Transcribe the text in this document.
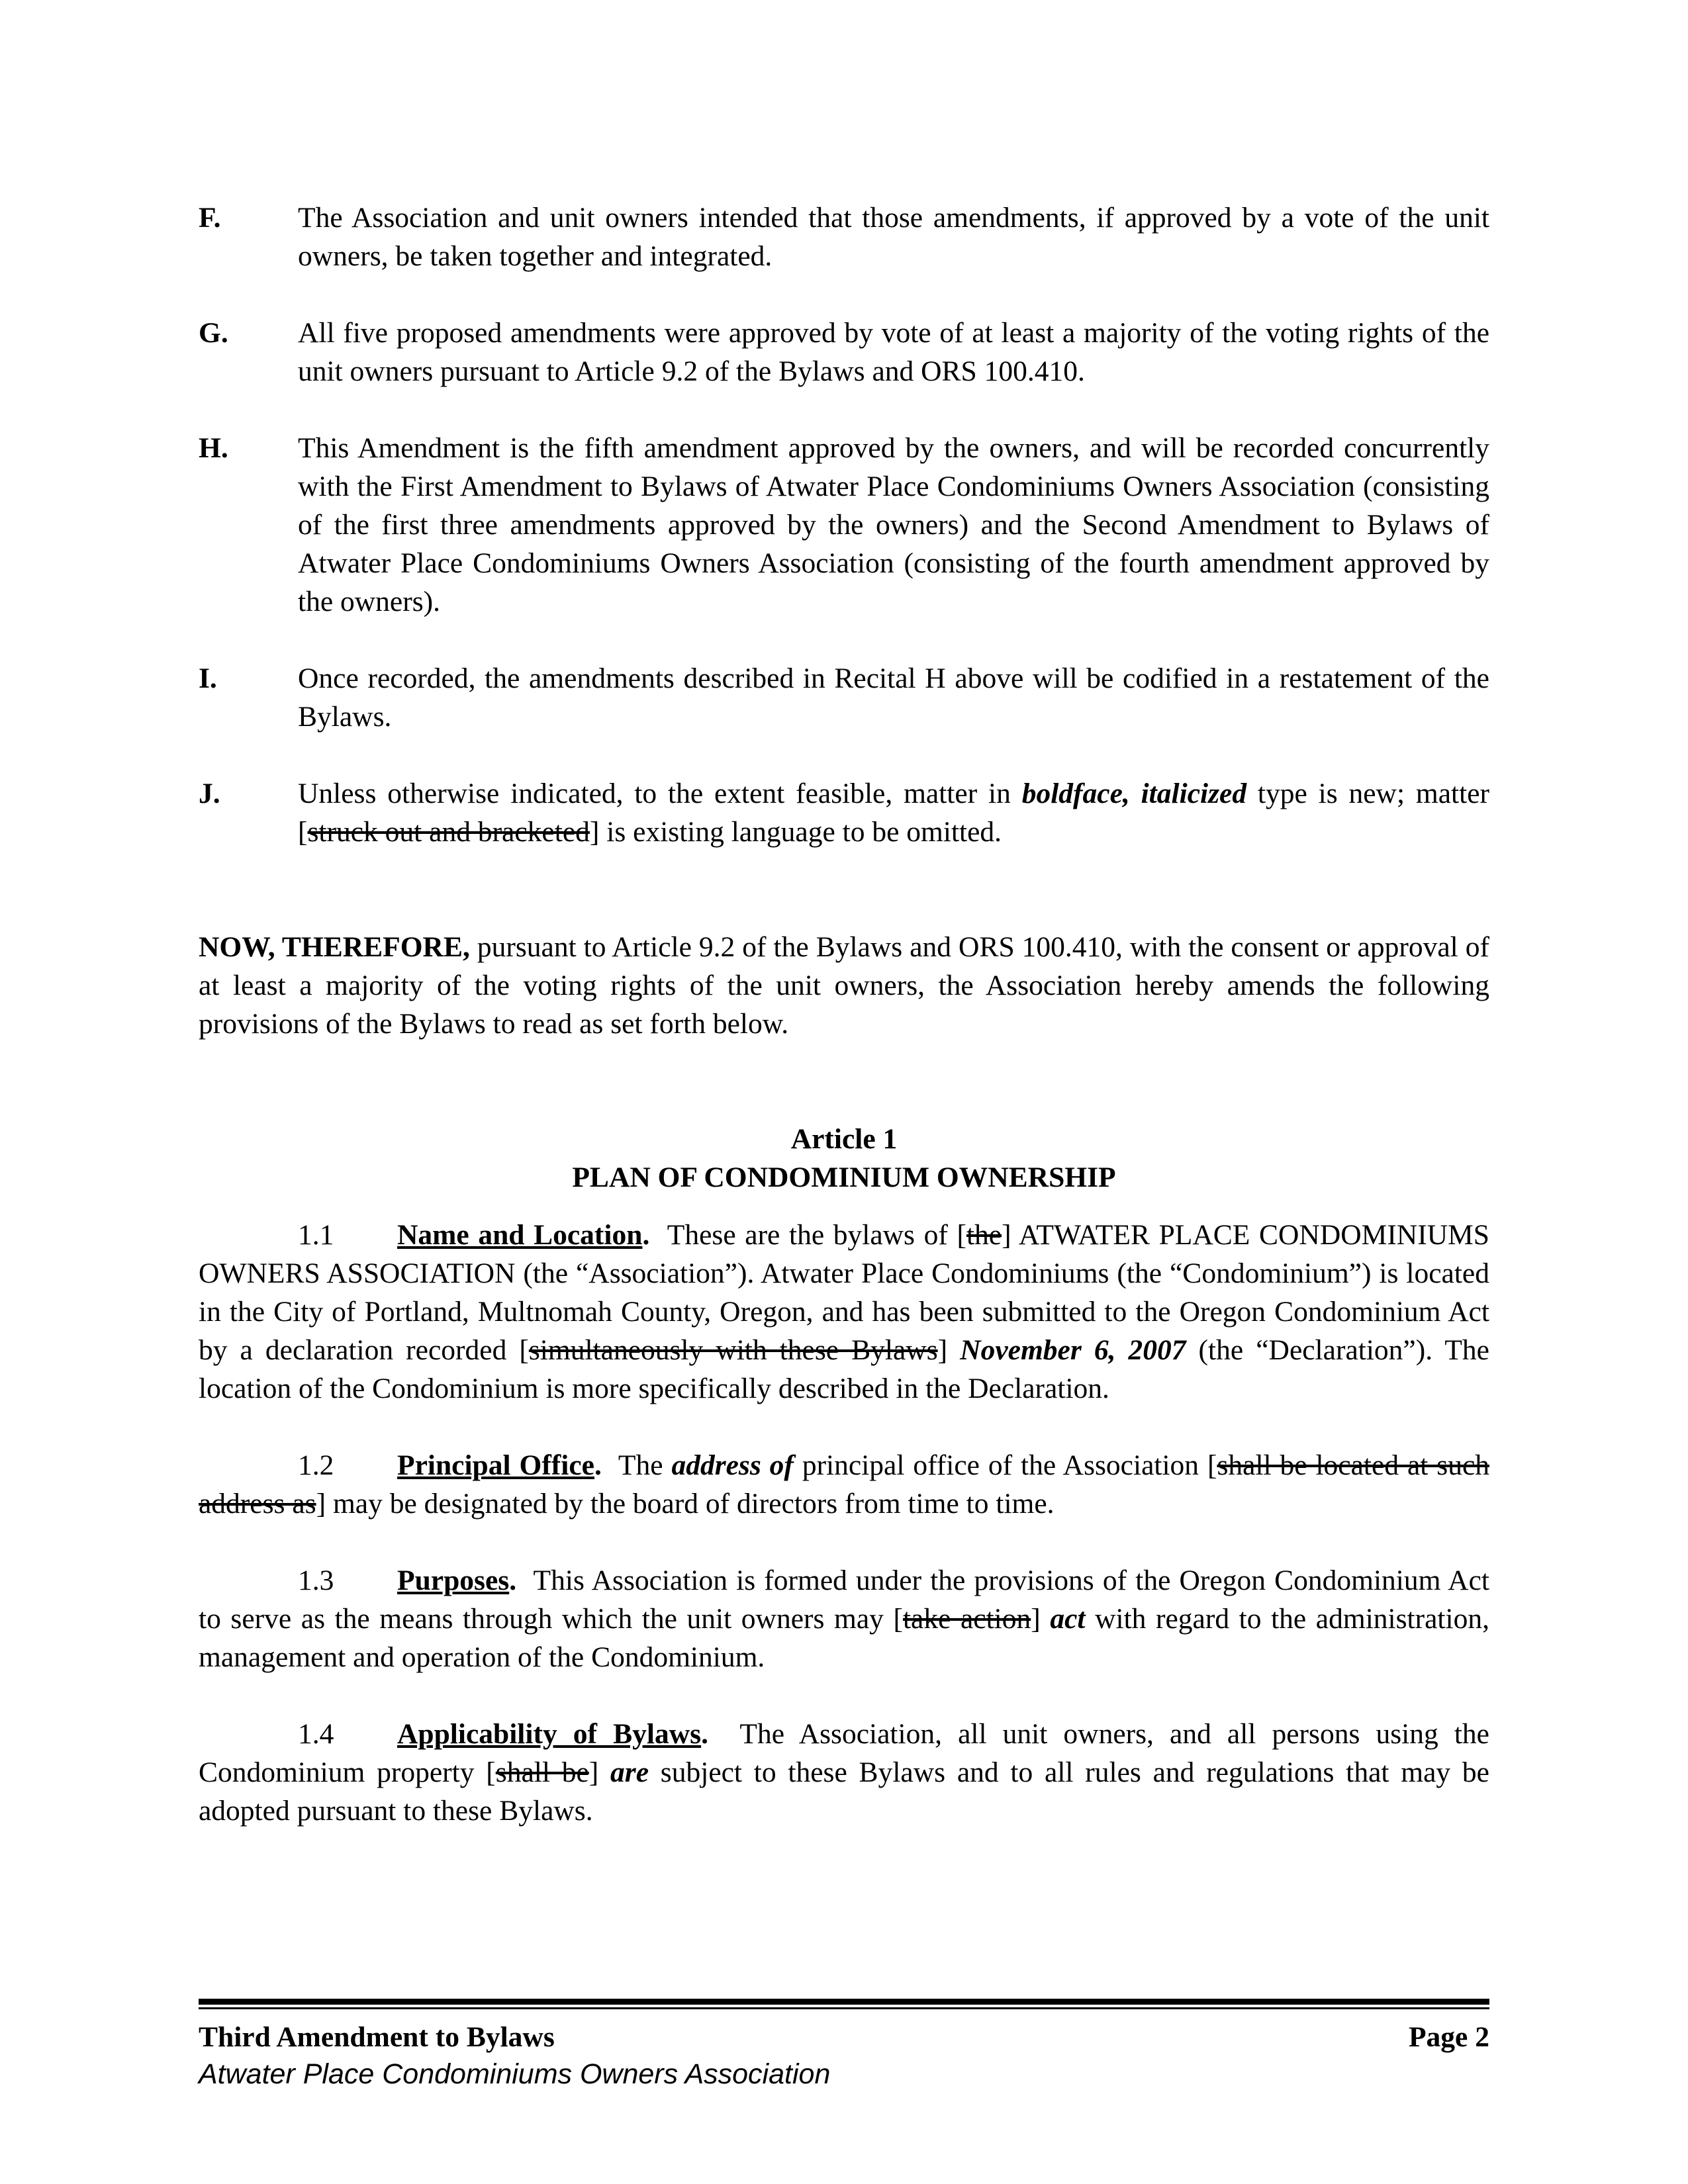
F.	The Association and unit owners intended that those amendments, if approved by a vote of the unit owners, be taken together and integrated.
G.	All five proposed amendments were approved by vote of at least a majority of the voting rights of the unit owners pursuant to Article 9.2 of the Bylaws and ORS 100.410.
H.	This Amendment is the fifth amendment approved by the owners, and will be recorded concurrently with the First Amendment to Bylaws of Atwater Place Condominiums Owners Association (consisting of the first three amendments approved by the owners) and the Second Amendment to Bylaws of Atwater Place Condominiums Owners Association (consisting of the fourth amendment approved by the owners).
I.	Once recorded, the amendments described in Recital H above will be codified in a restatement of the Bylaws.
J.	Unless otherwise indicated, to the extent feasible, matter in boldface, italicized type is new; matter [struck out and bracketed] is existing language to be omitted.
NOW, THEREFORE, pursuant to Article 9.2 of the Bylaws and ORS 100.410, with the consent or approval of at least a majority of the voting rights of the unit owners, the Association hereby amends the following provisions of the Bylaws to read as set forth below.
Article 1
PLAN OF CONDOMINIUM OWNERSHIP
1.1 Name and Location.  These are the bylaws of [the] ATWATER PLACE CONDOMINIUMS OWNERS ASSOCIATION (the “Association”). Atwater Place Condominiums (the “Condominium”) is located in the City of Portland, Multnomah County, Oregon, and has been submitted to the Oregon Condominium Act by a declaration recorded [simultaneously with these Bylaws] November 6, 2007 (the “Declaration”). The location of the Condominium is more specifically described in the Declaration.
1.2 Principal Office.  The address of principal office of the Association [shall be located at such address as] may be designated by the board of directors from time to time.
1.3 Purposes.  This Association is formed under the provisions of the Oregon Condominium Act to serve as the means through which the unit owners may [take action] act with regard to the administration, management and operation of the Condominium.
1.4 Applicability of Bylaws.  The Association, all unit owners, and all persons using the Condominium property [shall be] are subject to these Bylaws and to all rules and regulations that may be adopted pursuant to these Bylaws.
Third Amendment to Bylaws	Page 2
Atwater Place Condominiums Owners Association
